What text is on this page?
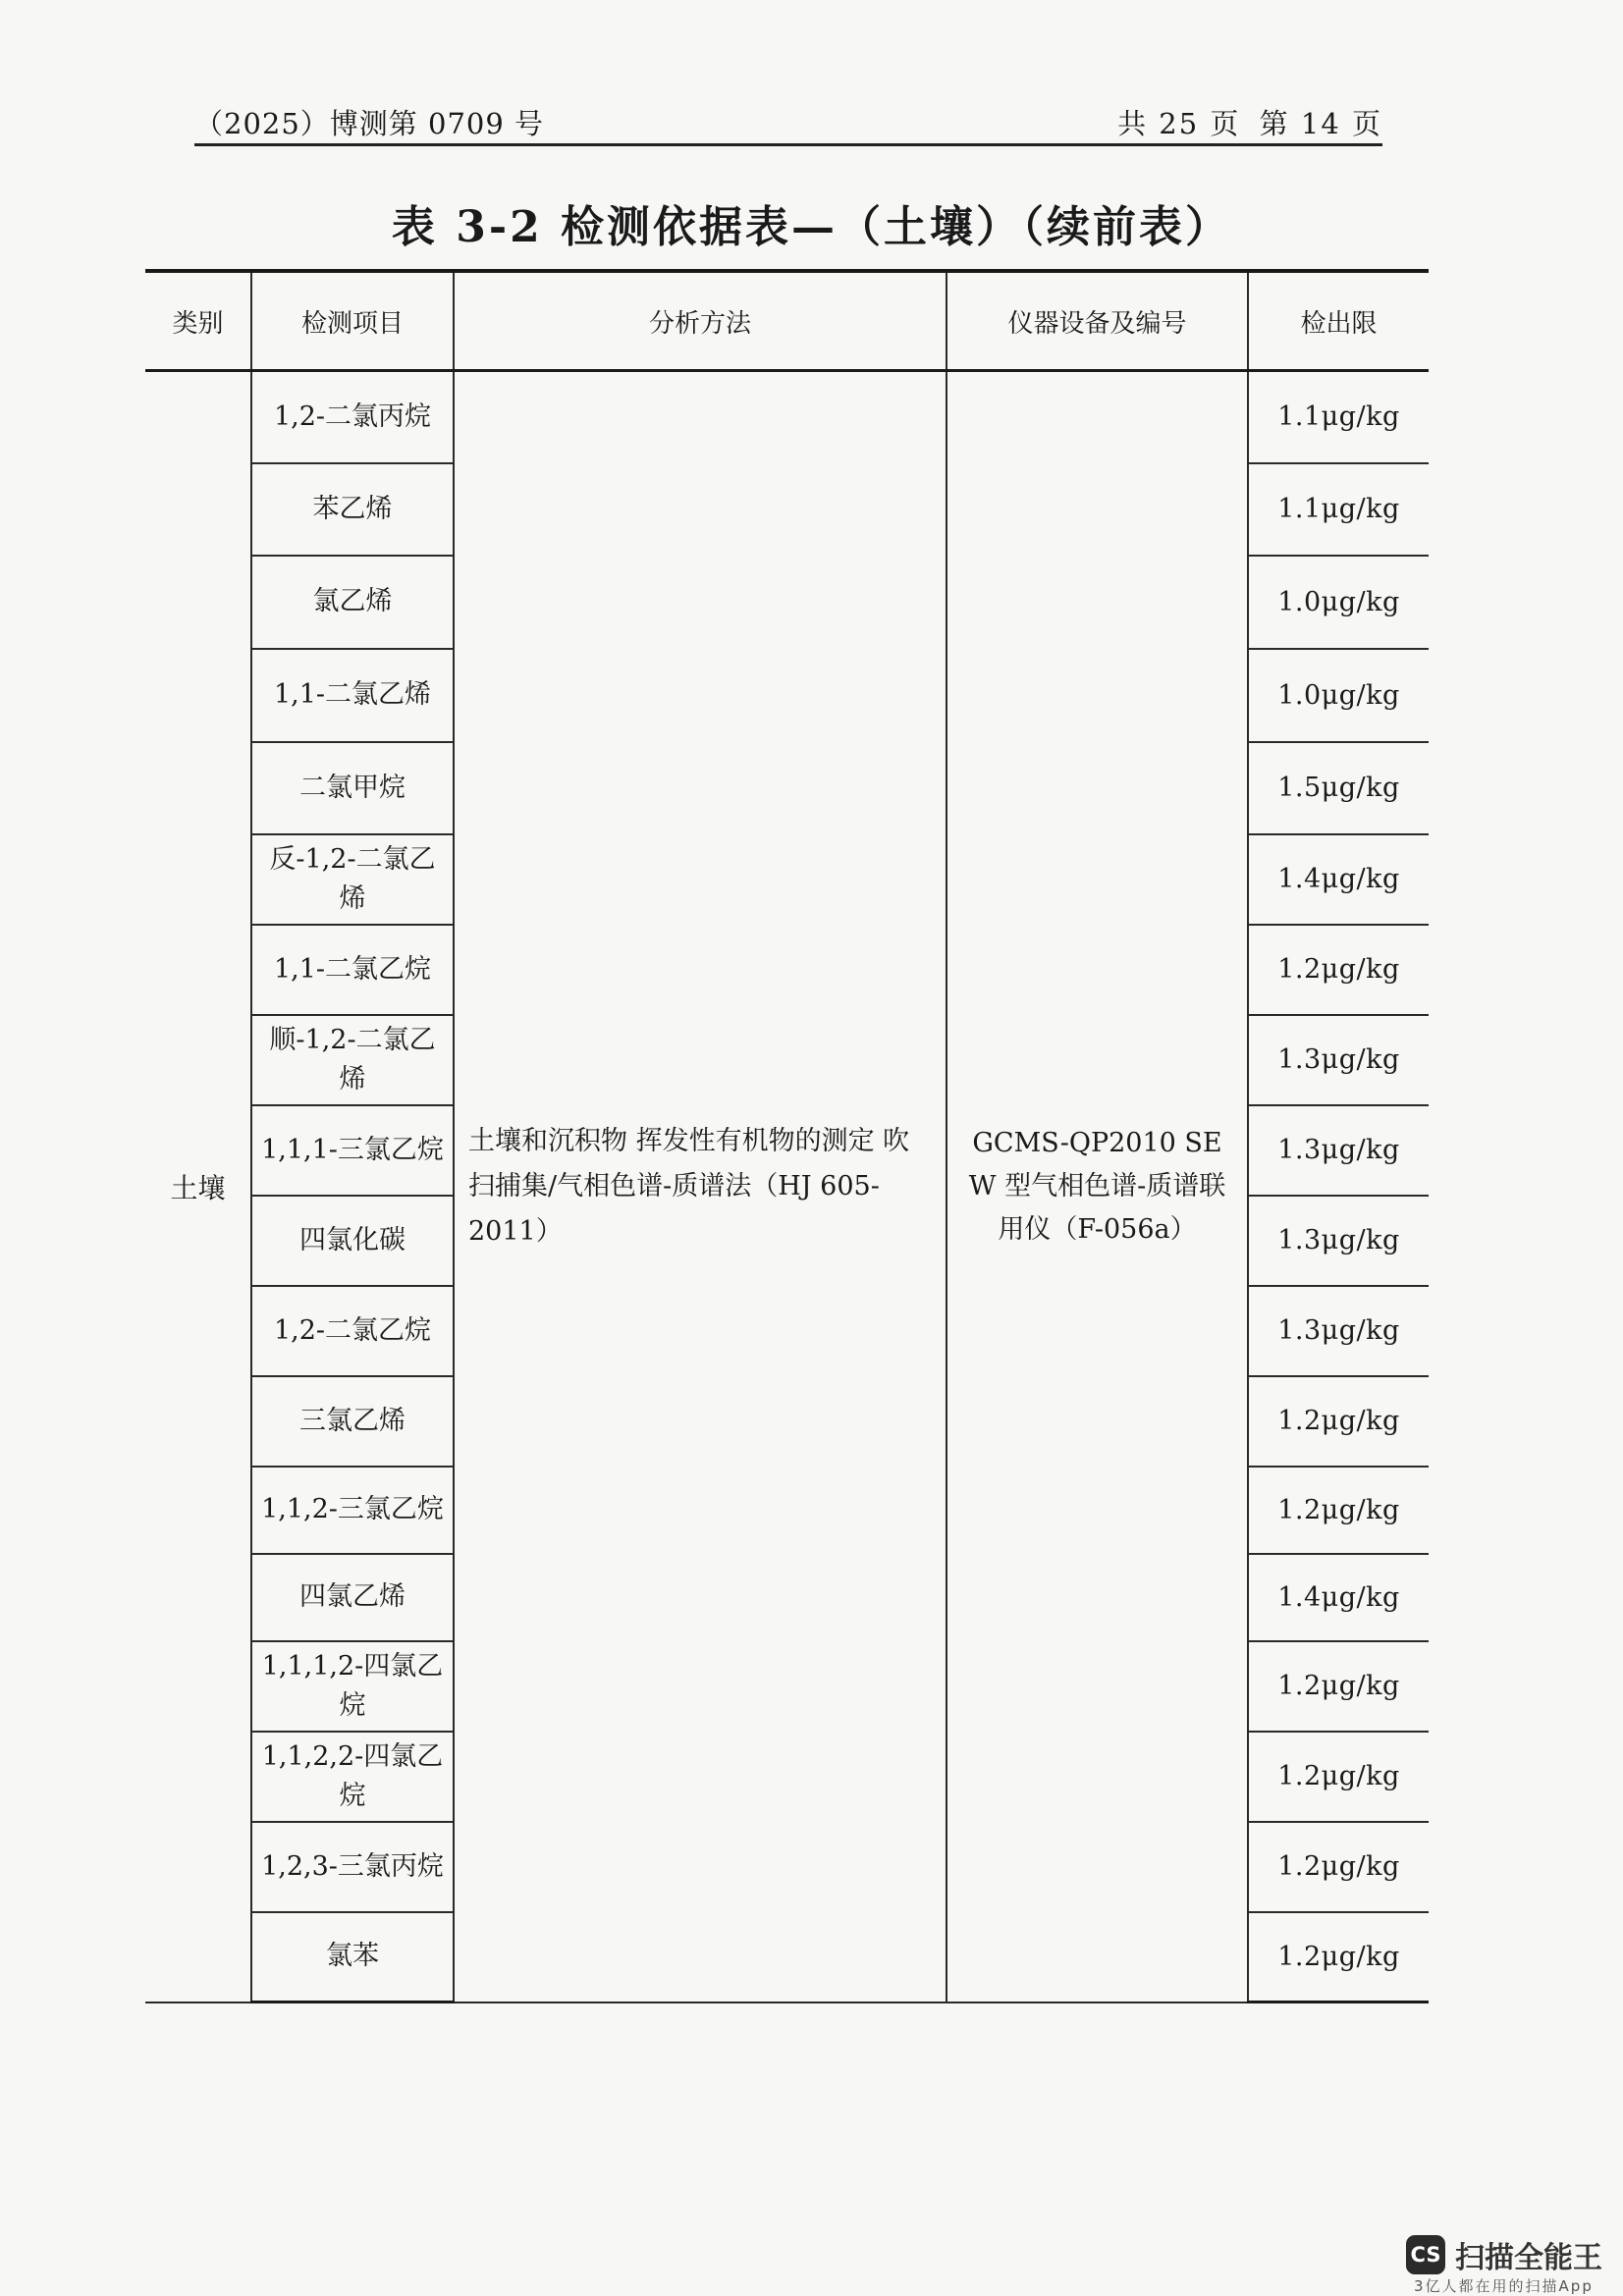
（2025）博测第 0709 号	共 25 页 第 14 页
表 3-2 检测依据表—（土壤）（续前表）
类别	检测项目	分析方法	仪器设备及编号	检出限
土壤	1,2-二氯丙烷	土壤和沉积物 挥发性有机物的测定 吹扫捕集/气相色谱-质谱法（HJ 605-2011）	GCMS-QP2010 SE W 型气相色谱-质谱联用仪（F-056a）	1.1μg/kg
	苯乙烯			1.1μg/kg
	氯乙烯			1.0μg/kg
	1,1-二氯乙烯			1.0μg/kg
	二氯甲烷			1.5μg/kg
	反-1,2-二氯乙烯			1.4μg/kg
	1,1-二氯乙烷			1.2μg/kg
	顺-1,2-二氯乙烯			1.3μg/kg
	1,1,1-三氯乙烷			1.3μg/kg
	四氯化碳			1.3μg/kg
	1,2-二氯乙烷			1.3μg/kg
	三氯乙烯			1.2μg/kg
	1,1,2-三氯乙烷			1.2μg/kg
	四氯乙烯			1.4μg/kg
	1,1,1,2-四氯乙烷			1.2μg/kg
	1,1,2,2-四氯乙烷			1.2μg/kg
	1,2,3-三氯丙烷			1.2μg/kg
	氯苯			1.2μg/kg
CS 扫描全能王
3亿人都在用的扫描App
